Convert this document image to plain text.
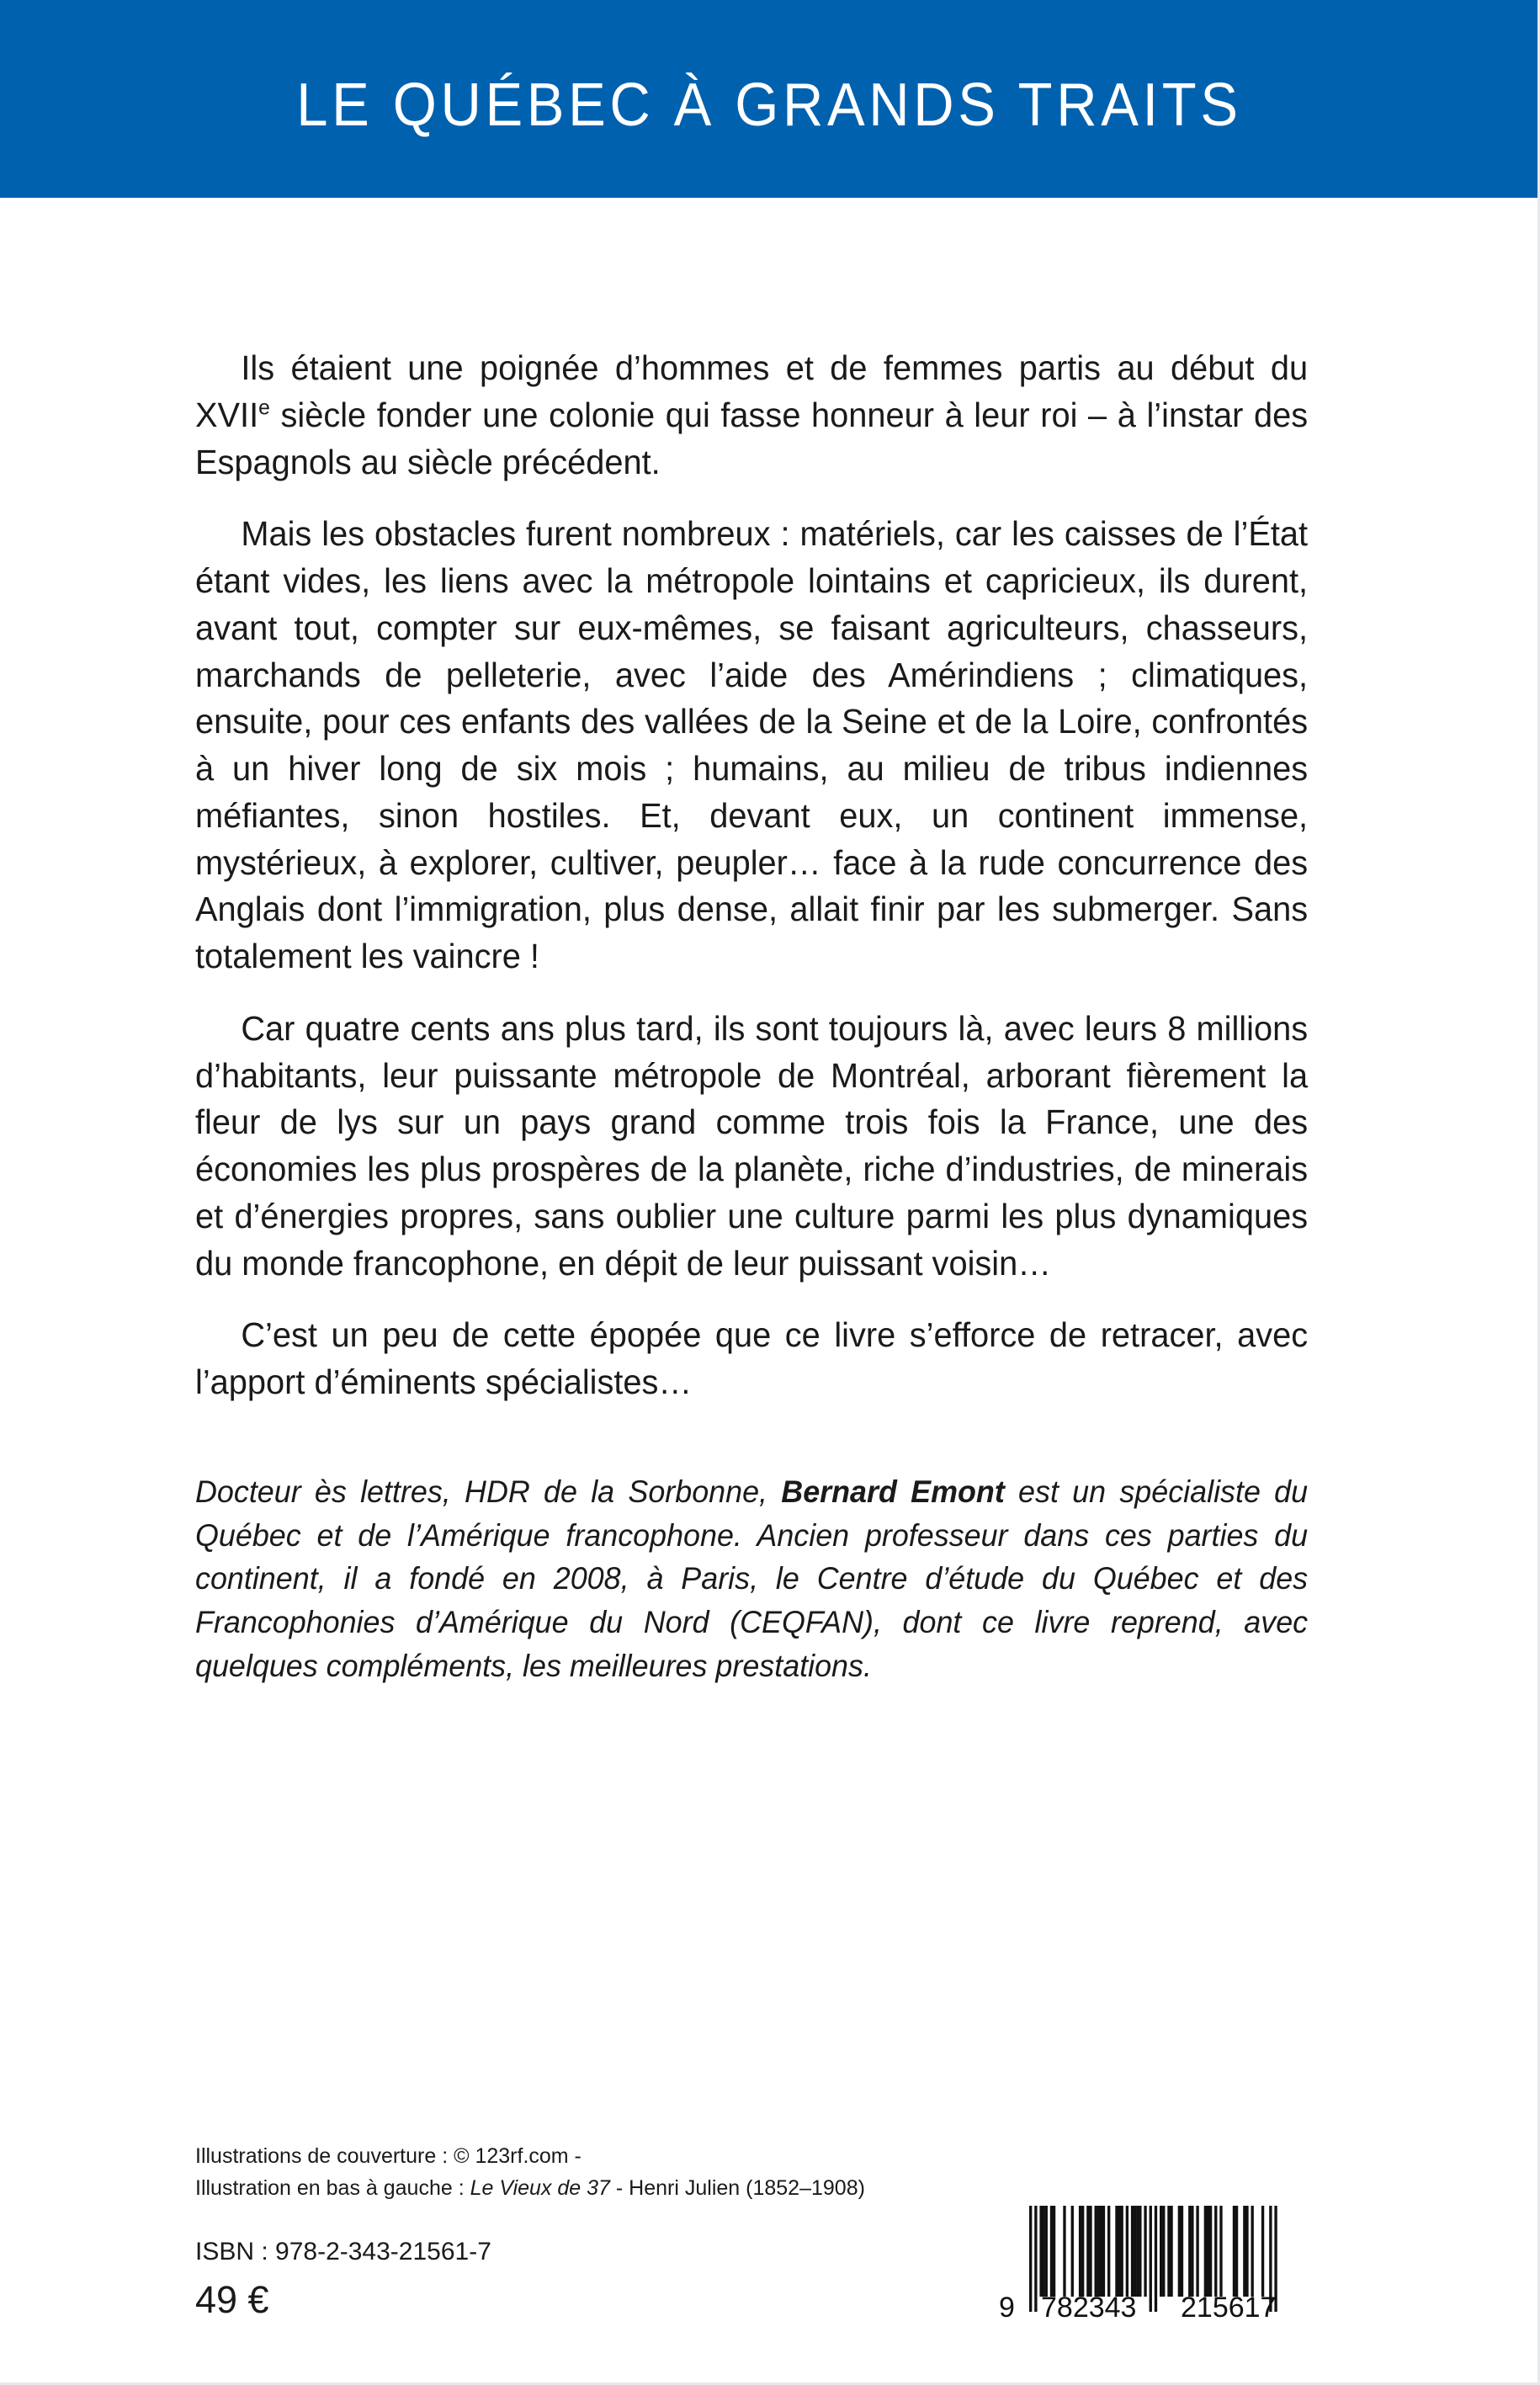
LE QUÉBEC À GRANDS TRAITS

Ils étaient une poignée d’hommes et de femmes partis au début du XVIIe siècle fonder une colonie qui fasse honneur à leur roi – à l’instar des Espagnols au siècle précédent.

Mais les obstacles furent nombreux : matériels, car les caisses de l’État étant vides, les liens avec la métropole lointains et capricieux, ils durent, avant tout, compter sur eux-mêmes, se faisant agriculteurs, chasseurs, marchands de pelleterie, avec l’aide des Amérindiens ; climatiques, ensuite, pour ces enfants des vallées de la Seine et de la Loire, confrontés à un hiver long de six mois ; humains, au milieu de tribus indiennes méfiantes, sinon hostiles. Et, devant eux, un continent immense, mystérieux, à explorer, cultiver, peupler… face à la rude concurrence des Anglais dont l’immigration, plus dense, allait finir par les submerger. Sans totalement les vaincre !

Car quatre cents ans plus tard, ils sont toujours là, avec leurs 8 millions d’habitants, leur puissante métropole de Montréal, arborant fièrement la fleur de lys sur un pays grand comme trois fois la France, une des économies les plus prospères de la planète, riche d’industries, de minerais et d’énergies propres, sans oublier une culture parmi les plus dynamiques du monde francophone, en dépit de leur puissant voisin…

C’est un peu de cette épopée que ce livre s’efforce de retracer, avec l’apport d’éminents spécialistes…

Docteur ès lettres, HDR de la Sorbonne, Bernard Emont est un spécialiste du Québec et de l’Amérique francophone. Ancien professeur dans ces parties du continent, il a fondé en 2008, à Paris, le Centre d’étude du Québec et des Francophonies d’Amérique du Nord (CEQFAN), dont ce livre reprend, avec quelques compléments, les meilleures prestations.

Illustrations de couverture : © 123rf.com -
Illustration en bas à gauche : Le Vieux de 37 - Henri Julien (1852–1908)
ISBN : 978-2-343-21561-7
49 €	9 782343 215617
